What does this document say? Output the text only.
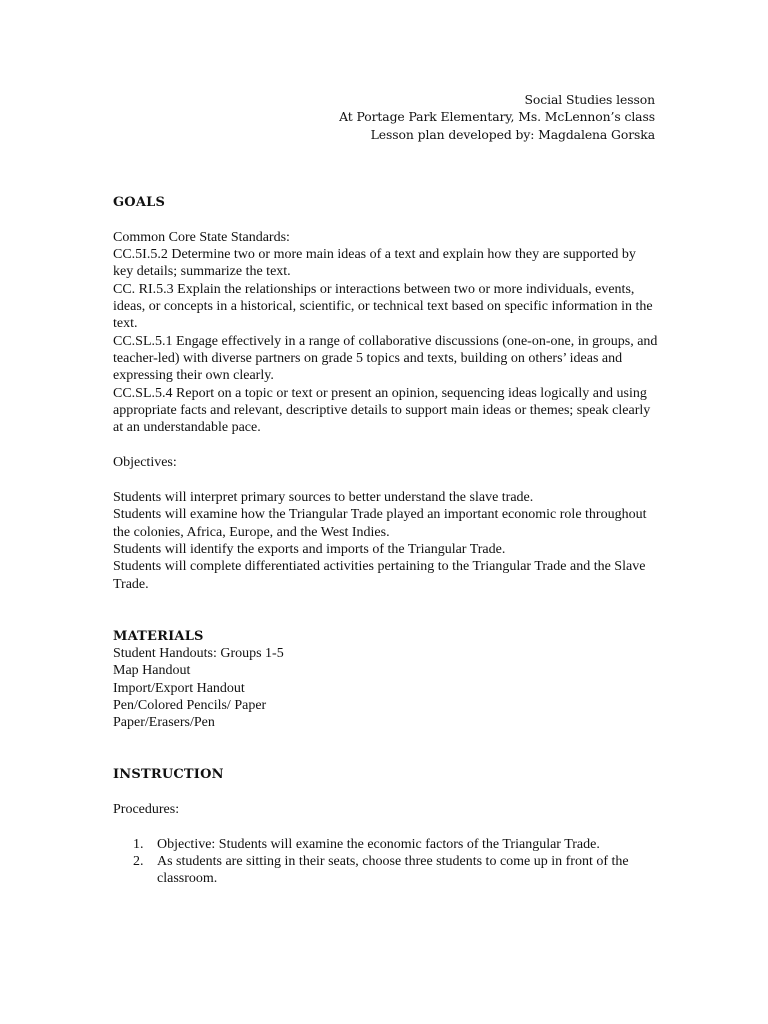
Social Studies lesson
At Portage Park Elementary, Ms. McLennon’s class
Lesson plan developed by: Magdalena Gorska

GOALS

Common Core State Standards:

CC.5I.5.2 Determine two or more main ideas of a text and explain how they are supported by key details; summarize the text.

CC. RI.5.3 Explain the relationships or interactions between two or more individuals, events, ideas, or concepts in a historical, scientific, or technical text based on specific information in the text.

CC.SL.5.1 Engage effectively in a range of collaborative discussions (one-on-one, in groups, and teacher-led) with diverse partners on grade 5 topics and texts, building on others’ ideas and expressing their own clearly.

CC.SL.5.4 Report on a topic or text or present an opinion, sequencing ideas logically and using appropriate facts and relevant, descriptive details to support main ideas or themes; speak clearly at an understandable pace.

Objectives:

Students will interpret primary sources to better understand the slave trade.

Students will examine how the Triangular Trade played an important economic role throughout the colonies, Africa, Europe, and the West Indies.

Students will identify the exports and imports of the Triangular Trade.

Students will complete differentiated activities pertaining to the Triangular Trade and the Slave Trade.

MATERIALS

Student Handouts: Groups 1-5

Map Handout

Import/Export Handout

Pen/Colored Pencils/ Paper

Paper/Erasers/Pen

INSTRUCTION

Procedures:

1. Objective: Students will examine the economic factors of the Triangular Trade.
2. As students are sitting in their seats, choose three students to come up in front of the classroom.
